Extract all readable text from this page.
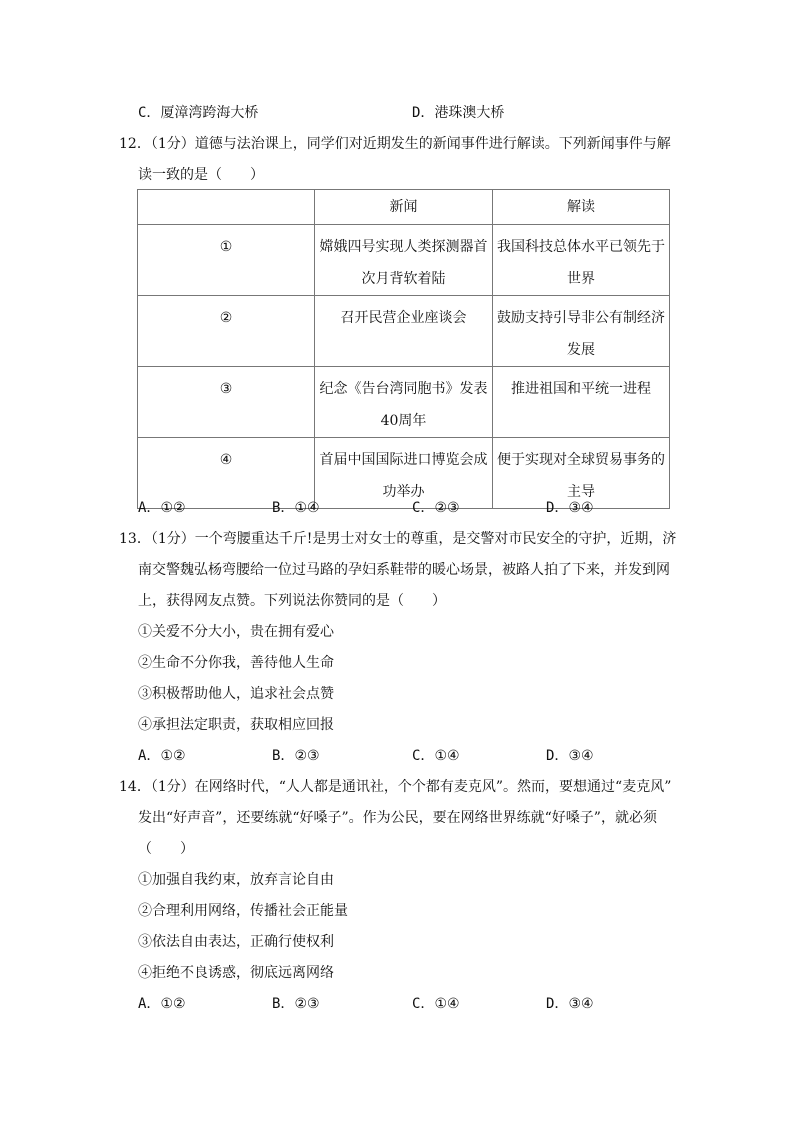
C．厦漳湾跨海大桥	D．港珠澳大桥
12．（1分）道德与法治课上，同学们对近期发生的新闻事件进行解读。下列新闻事件与解
读一致的是（　　）
	新闻	解读
①	嫦娥四号实现人类探测器首次月背软着陆	我国科技总体水平已领先于世界
②	召开民营企业座谈会	鼓励支持引导非公有制经济发展
③	纪念《告台湾同胞书》发表40周年	推进祖国和平统一进程
④	首届中国国际进口博览会成功举办	便于实现对全球贸易事务的主导
A．①②	B．①④	C．②③	D．③④
13．（1分）一个弯腰重达千斤!是男士对女士的尊重，是交警对市民安全的守护，近期，济
南交警魏弘杨弯腰给一位过马路的孕妇系鞋带的暖心场景，被路人拍了下来，并发到网
上，获得网友点赞。下列说法你赞同的是（　　）
①关爱不分大小，贵在拥有爱心
②生命不分你我，善待他人生命
③积极帮助他人，追求社会点赞
④承担法定职责，获取相应回报
A．①②	B．②③	C．①④	D．③④
14．（1分）在网络时代，“人人都是通讯社，个个都有麦克风”。然而，要想通过“麦克风”
发出“好声音”，还要练就“好嗓子”。作为公民，要在网络世界练就“好嗓子”，就必须
（　　）
①加强自我约束，放弃言论自由
②合理利用网络，传播社会正能量
③依法自由表达，正确行使权利
④拒绝不良诱惑，彻底远离网络
A．①②	B．②③	C．①④	D．③④
